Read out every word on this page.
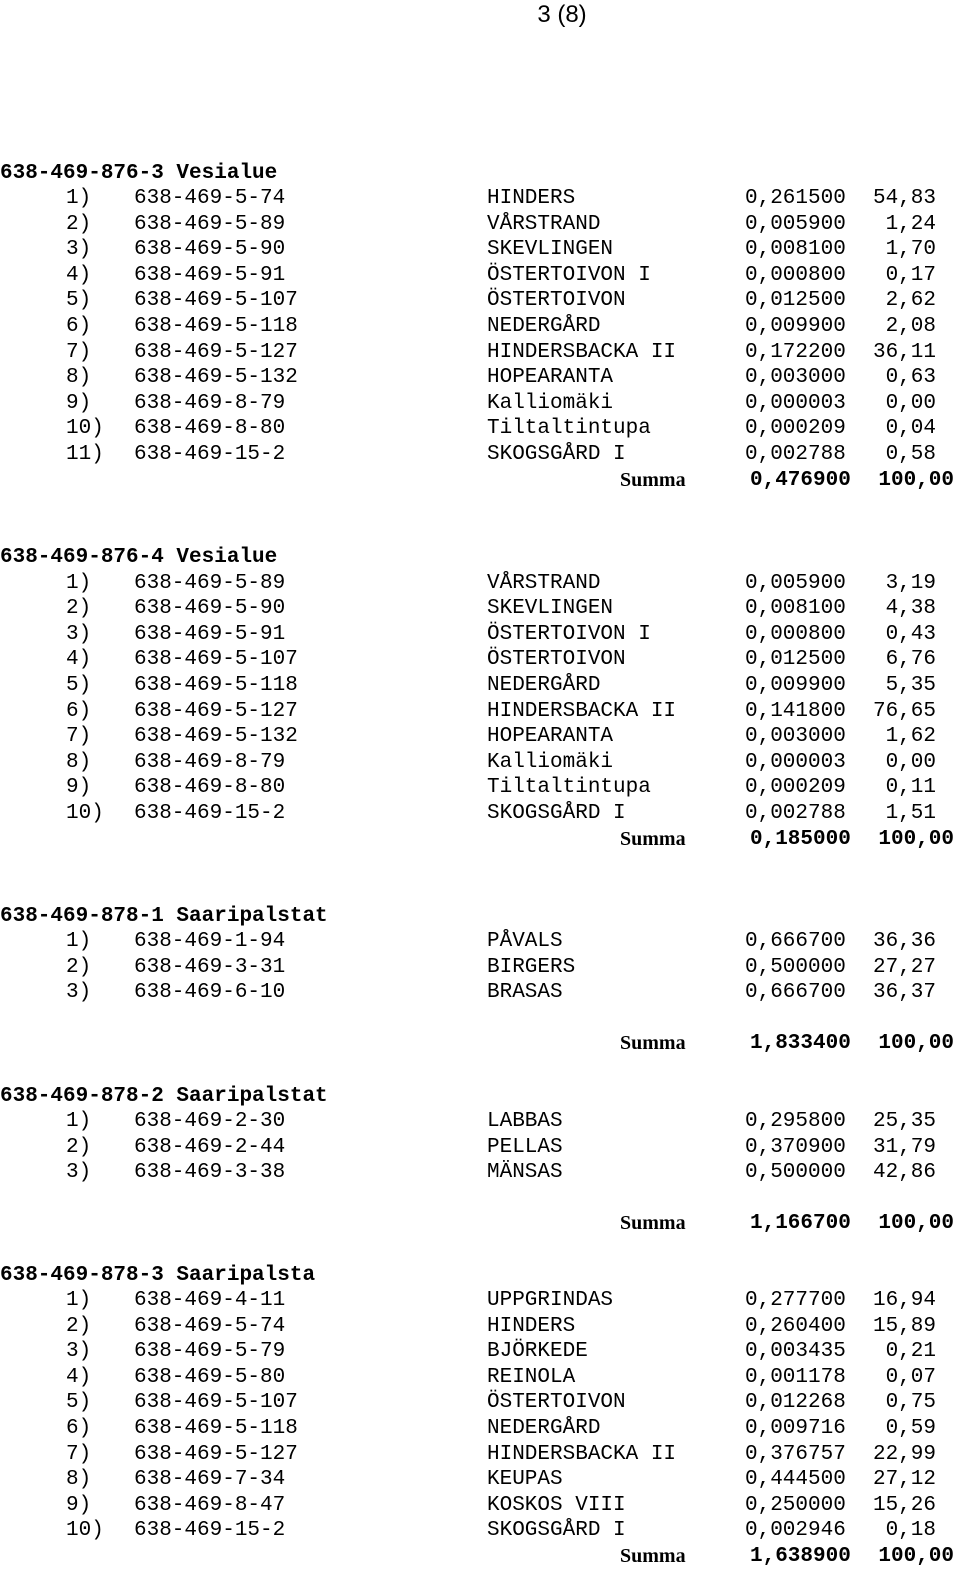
3 (8)
638-469-876-3 Vesialue
1) 638-469-5-74	HINDERS	0,261500 54,83
2) 638-469-5-89	VÅRSTRAND	0,005900	1,24
3) 638-469-5-90	SKEVLINGEN	0,008100	1,70
4) 638-469-5-91	ÖSTERTOIVON I	0,000800	0,17
5) 638-469-5-107	ÖSTERTOIVON	0,012500	2,62
6) 638-469-5-118	NEDERGÅRD	0,009900	2,08
7) 638-469-5-127	HINDERSBACKA II	0,172200 36,11
8) 638-469-5-132	HOPEARANTA	0,003000	0,63
9) 638-469-8-79	Kalliomäki	0,000003	0,00
10) 638-469-8-80	Tiltaltintupa	0,000209	0,04
11) 638-469-15-2	SKOGSGÅRD I	0,002788	0,58
Summa	0,476900	100,00
638-469-876-4 Vesialue
1) 638-469-5-89	VÅRSTRAND	0,005900	3,19
2) 638-469-5-90	SKEVLINGEN	0,008100	4,38
3) 638-469-5-91	ÖSTERTOIVON I	0,000800	0,43
4) 638-469-5-107	ÖSTERTOIVON	0,012500	6,76
5) 638-469-5-118	NEDERGÅRD	0,009900	5,35
6) 638-469-5-127	HINDERSBACKA II	0,141800 76,65
7) 638-469-5-132	HOPEARANTA	0,003000	1,62
8) 638-469-8-79	Kalliomäki	0,000003	0,00
9) 638-469-8-80	Tiltaltintupa	0,000209	0,11
10) 638-469-15-2	SKOGSGÅRD I	0,002788	1,51
Summa	0,185000	100,00
638-469-878-1 Saaripalstat
1) 638-469-1-94	PÅVALS	0,666700 36,36
2) 638-469-3-31	BIRGERS	0,500000 27,27
3) 638-469-6-10	BRASAS	0,666700 36,37
Summa	1,833400	100,00
638-469-878-2 Saaripalstat
1) 638-469-2-30	LABBAS	0,295800 25,35
2) 638-469-2-44	PELLAS	0,370900 31,79
3) 638-469-3-38	MÄNSAS	0,500000 42,86
Summa	1,166700	100,00
638-469-878-3 Saaripalsta
1) 638-469-4-11	UPPGRINDAS	0,277700 16,94
2) 638-469-5-74	HINDERS	0,260400 15,89
3) 638-469-5-79	BJÖRKEDE	0,003435	0,21
4) 638-469-5-80	REINOLA	0,001178	0,07
5) 638-469-5-107	ÖSTERTOIVON	0,012268	0,75
6) 638-469-5-118	NEDERGÅRD	0,009716	0,59
7) 638-469-5-127	HINDERSBACKA II	0,376757 22,99
8) 638-469-7-34	KEUPAS	0,444500 27,12
9) 638-469-8-47	KOSKOS VIII	0,250000 15,26
10) 638-469-15-2	SKOGSGÅRD I	0,002946	0,18
Summa	1,638900	100,00
